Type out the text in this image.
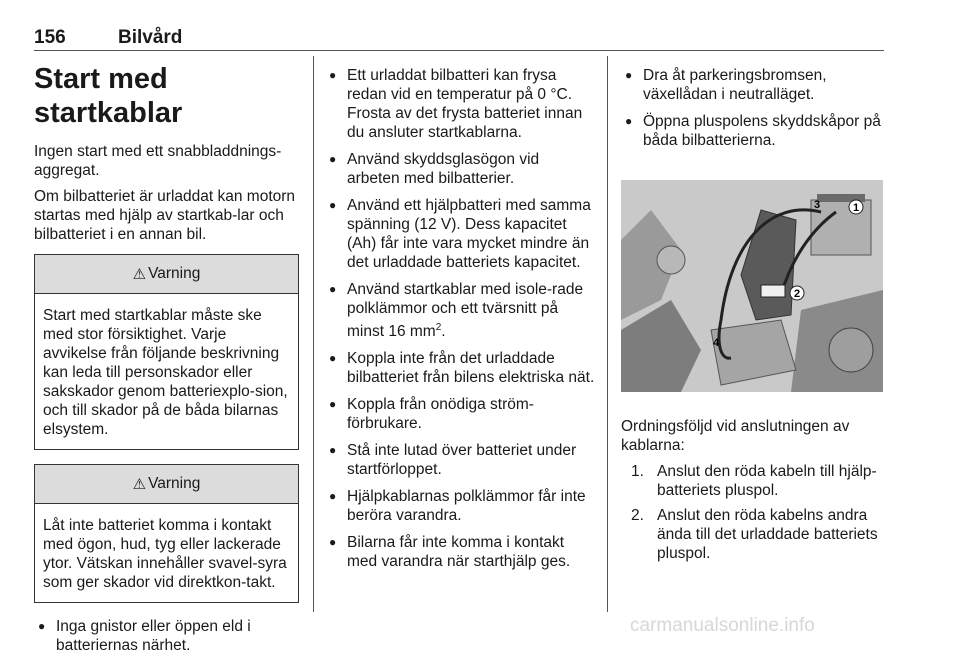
156	Bilvård
Start med startkablar

Ingen start med ett snabbladdnings-aggregat.

Om bilbatteriet är urladdat kan motorn startas med hjälp av startkab-lar och bilbatteriet i en annan bil.

⚠ Varning
Start med startkablar måste ske med stor försiktighet. Varje avvikelse från följande beskrivning kan leda till personskador eller sakskador genom batteriexplo-sion, och till skador på de båda bilarnas elsystem.
⚠ Varning
Låt inte batteriet komma i kontakt med ögon, hud, tyg eller lackerade ytor. Vätskan innehåller svavel-syra som ger skador vid direktkon-takt.
● Inga gnistor eller öppen eld i batteriernas närhet.
● Ett urladdat bilbatteri kan frysa redan vid en temperatur på 0 °C. Frosta av det frysta batteriet innan du ansluter startkablarna.
● Använd skyddsglasögon vid arbeten med bilbatterier.
● Använd ett hjälpbatteri med samma spänning (12 V). Dess kapacitet (Ah) får inte vara mycket mindre än det urladdade batteriets kapacitet.
● Använd startkablar med isole-rade polklämmor och ett tvärsnitt på minst 16 $mm^2$.
● Koppla inte från det urladdade bilbatteriet från bilens elektriska nät.
● Koppla från onödiga ström-förbrukare.
● Stå inte lutad över batteriet under startförloppet.
● Hjälpkablarnas polklämmor får inte beröra varandra.
● Bilarna får inte komma i kontakt med varandra när starthjälp ges.
● Dra åt parkeringsbromsen, växellådan i neutralläget.
● Öppna pluspolens skyddskåpor på båda bilbatterierna.
1
2
3
4

Ordningsföljd vid anslutningen av kablarna:

1. Anslut den röda kabeln till hjälp-batteriets pluspol.
2. Anslut den röda kabelns andra ända till det urladdade batteriets pluspol.
carmanualsonline.info
